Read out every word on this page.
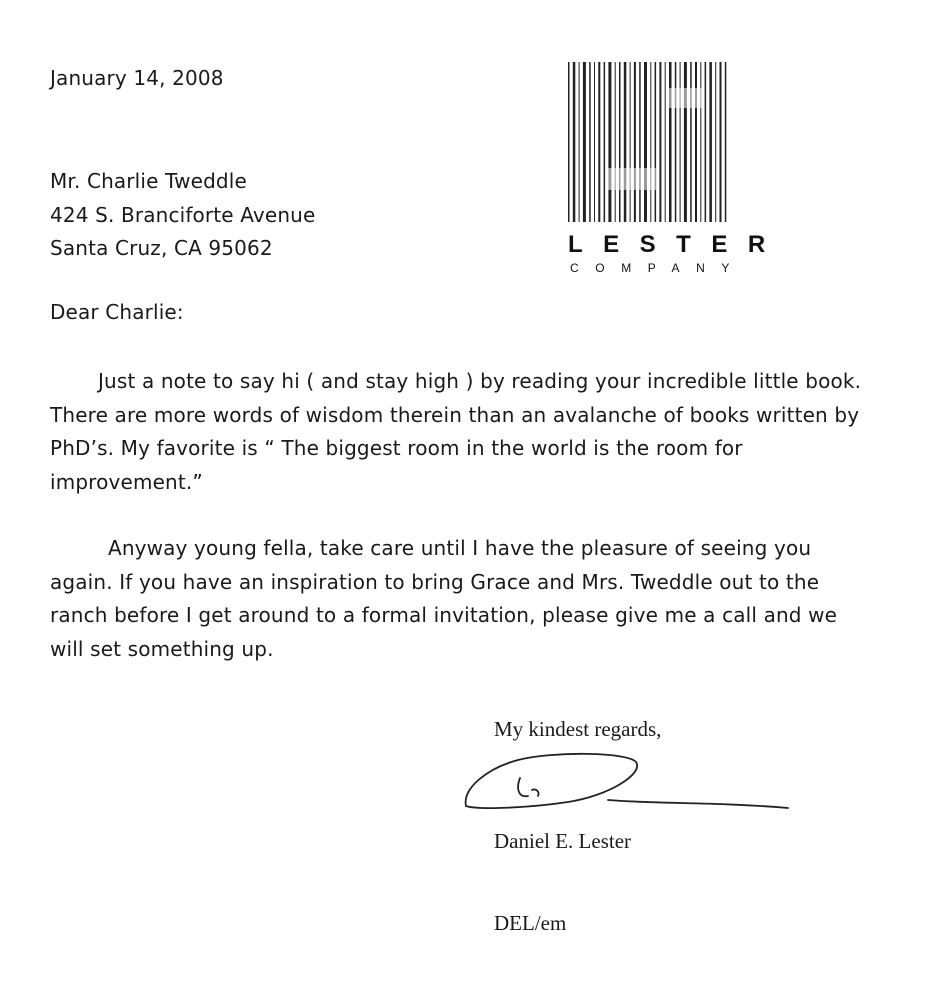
January 14, 2008
Mr. Charlie Tweddle
424 S. Branciforte Avenue
Santa Cruz, CA 95062	LESTER
COMPANY
Dear Charlie:
Just a note to say hi ( and stay high ) by reading your incredible little book.
There are more words of wisdom therein than an avalanche of books written by
PhD’s. My favorite is “ The biggest room in the world is the room for
improvement.”
Anyway young fella, take care until I have the pleasure of seeing you
again. If you have an inspiration to bring Grace and Mrs. Tweddle out to the
ranch before I get around to a formal invitation, please give me a call and we
will set something up.
My kindest regards,
Daniel E. Lester
DEL/em
